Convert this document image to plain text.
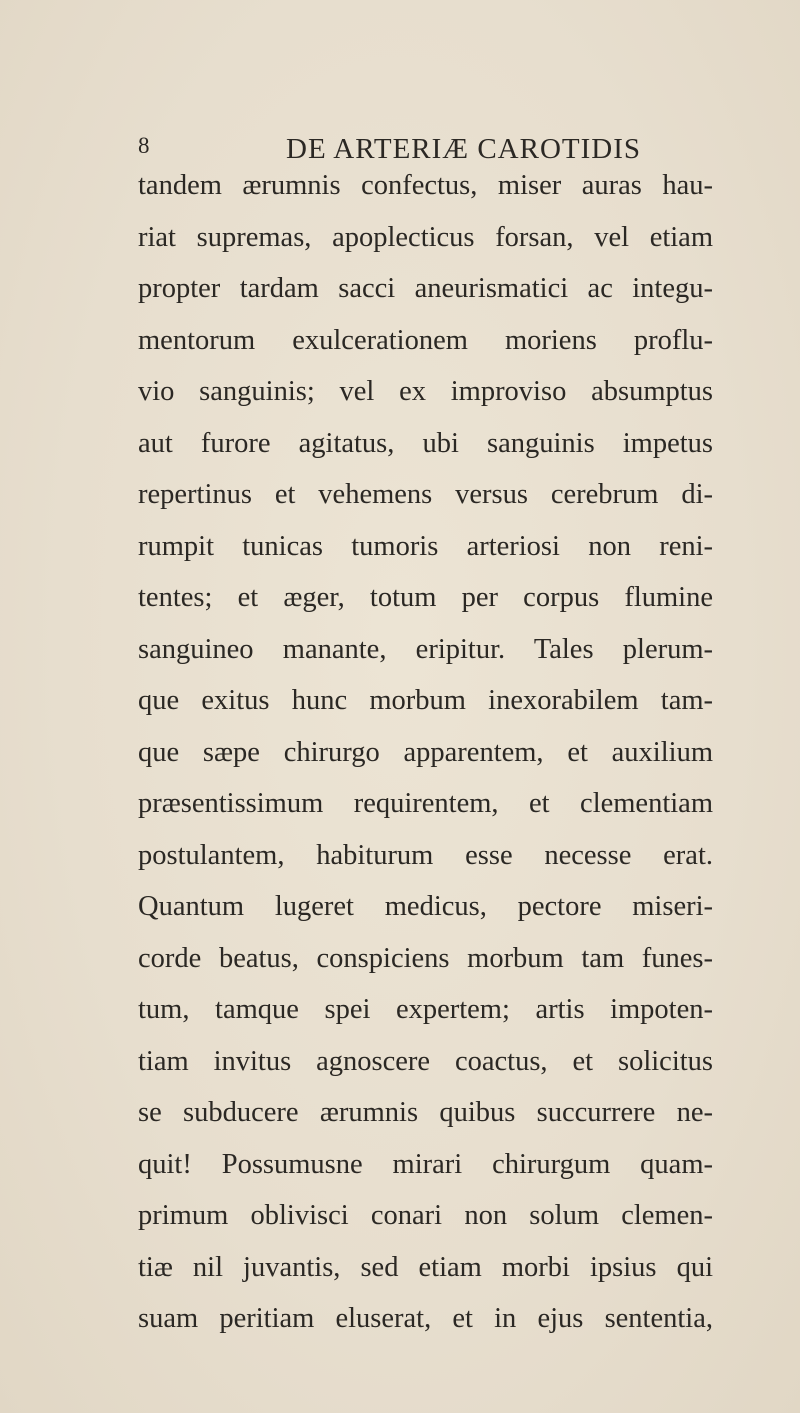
8	DE ARTERIÆ CAROTIDIS
tandem ærumnis confectus, miser auras hau-
riat supremas, apoplecticus forsan, vel etiam
propter tardam sacci aneurismatici ac integu-
mentorum exulcerationem moriens proflu-
vio sanguinis; vel ex improviso absumptus
aut furore agitatus, ubi sanguinis impetus
repertinus et vehemens versus cerebrum di-
rumpit tunicas tumoris arteriosi non reni-
tentes; et æger, totum per corpus flumine
sanguineo manante, eripitur. Tales plerum-
que exitus hunc morbum inexorabilem tam-
que sæpe chirurgo apparentem, et auxilium
præsentissimum requirentem, et clementiam
postulantem, habiturum esse necesse erat.
Quantum lugeret medicus, pectore miseri-
corde beatus, conspiciens morbum tam funes-
tum, tamque spei expertem; artis impoten-
tiam invitus agnoscere coactus, et solicitus
se subducere ærumnis quibus succurrere ne-
quit! Possumusne mirari chirurgum quam-
primum oblivisci conari non solum clemen-
tiæ nil juvantis, sed etiam morbi ipsius qui
suam peritiam eluserat, et in ejus sententia,
